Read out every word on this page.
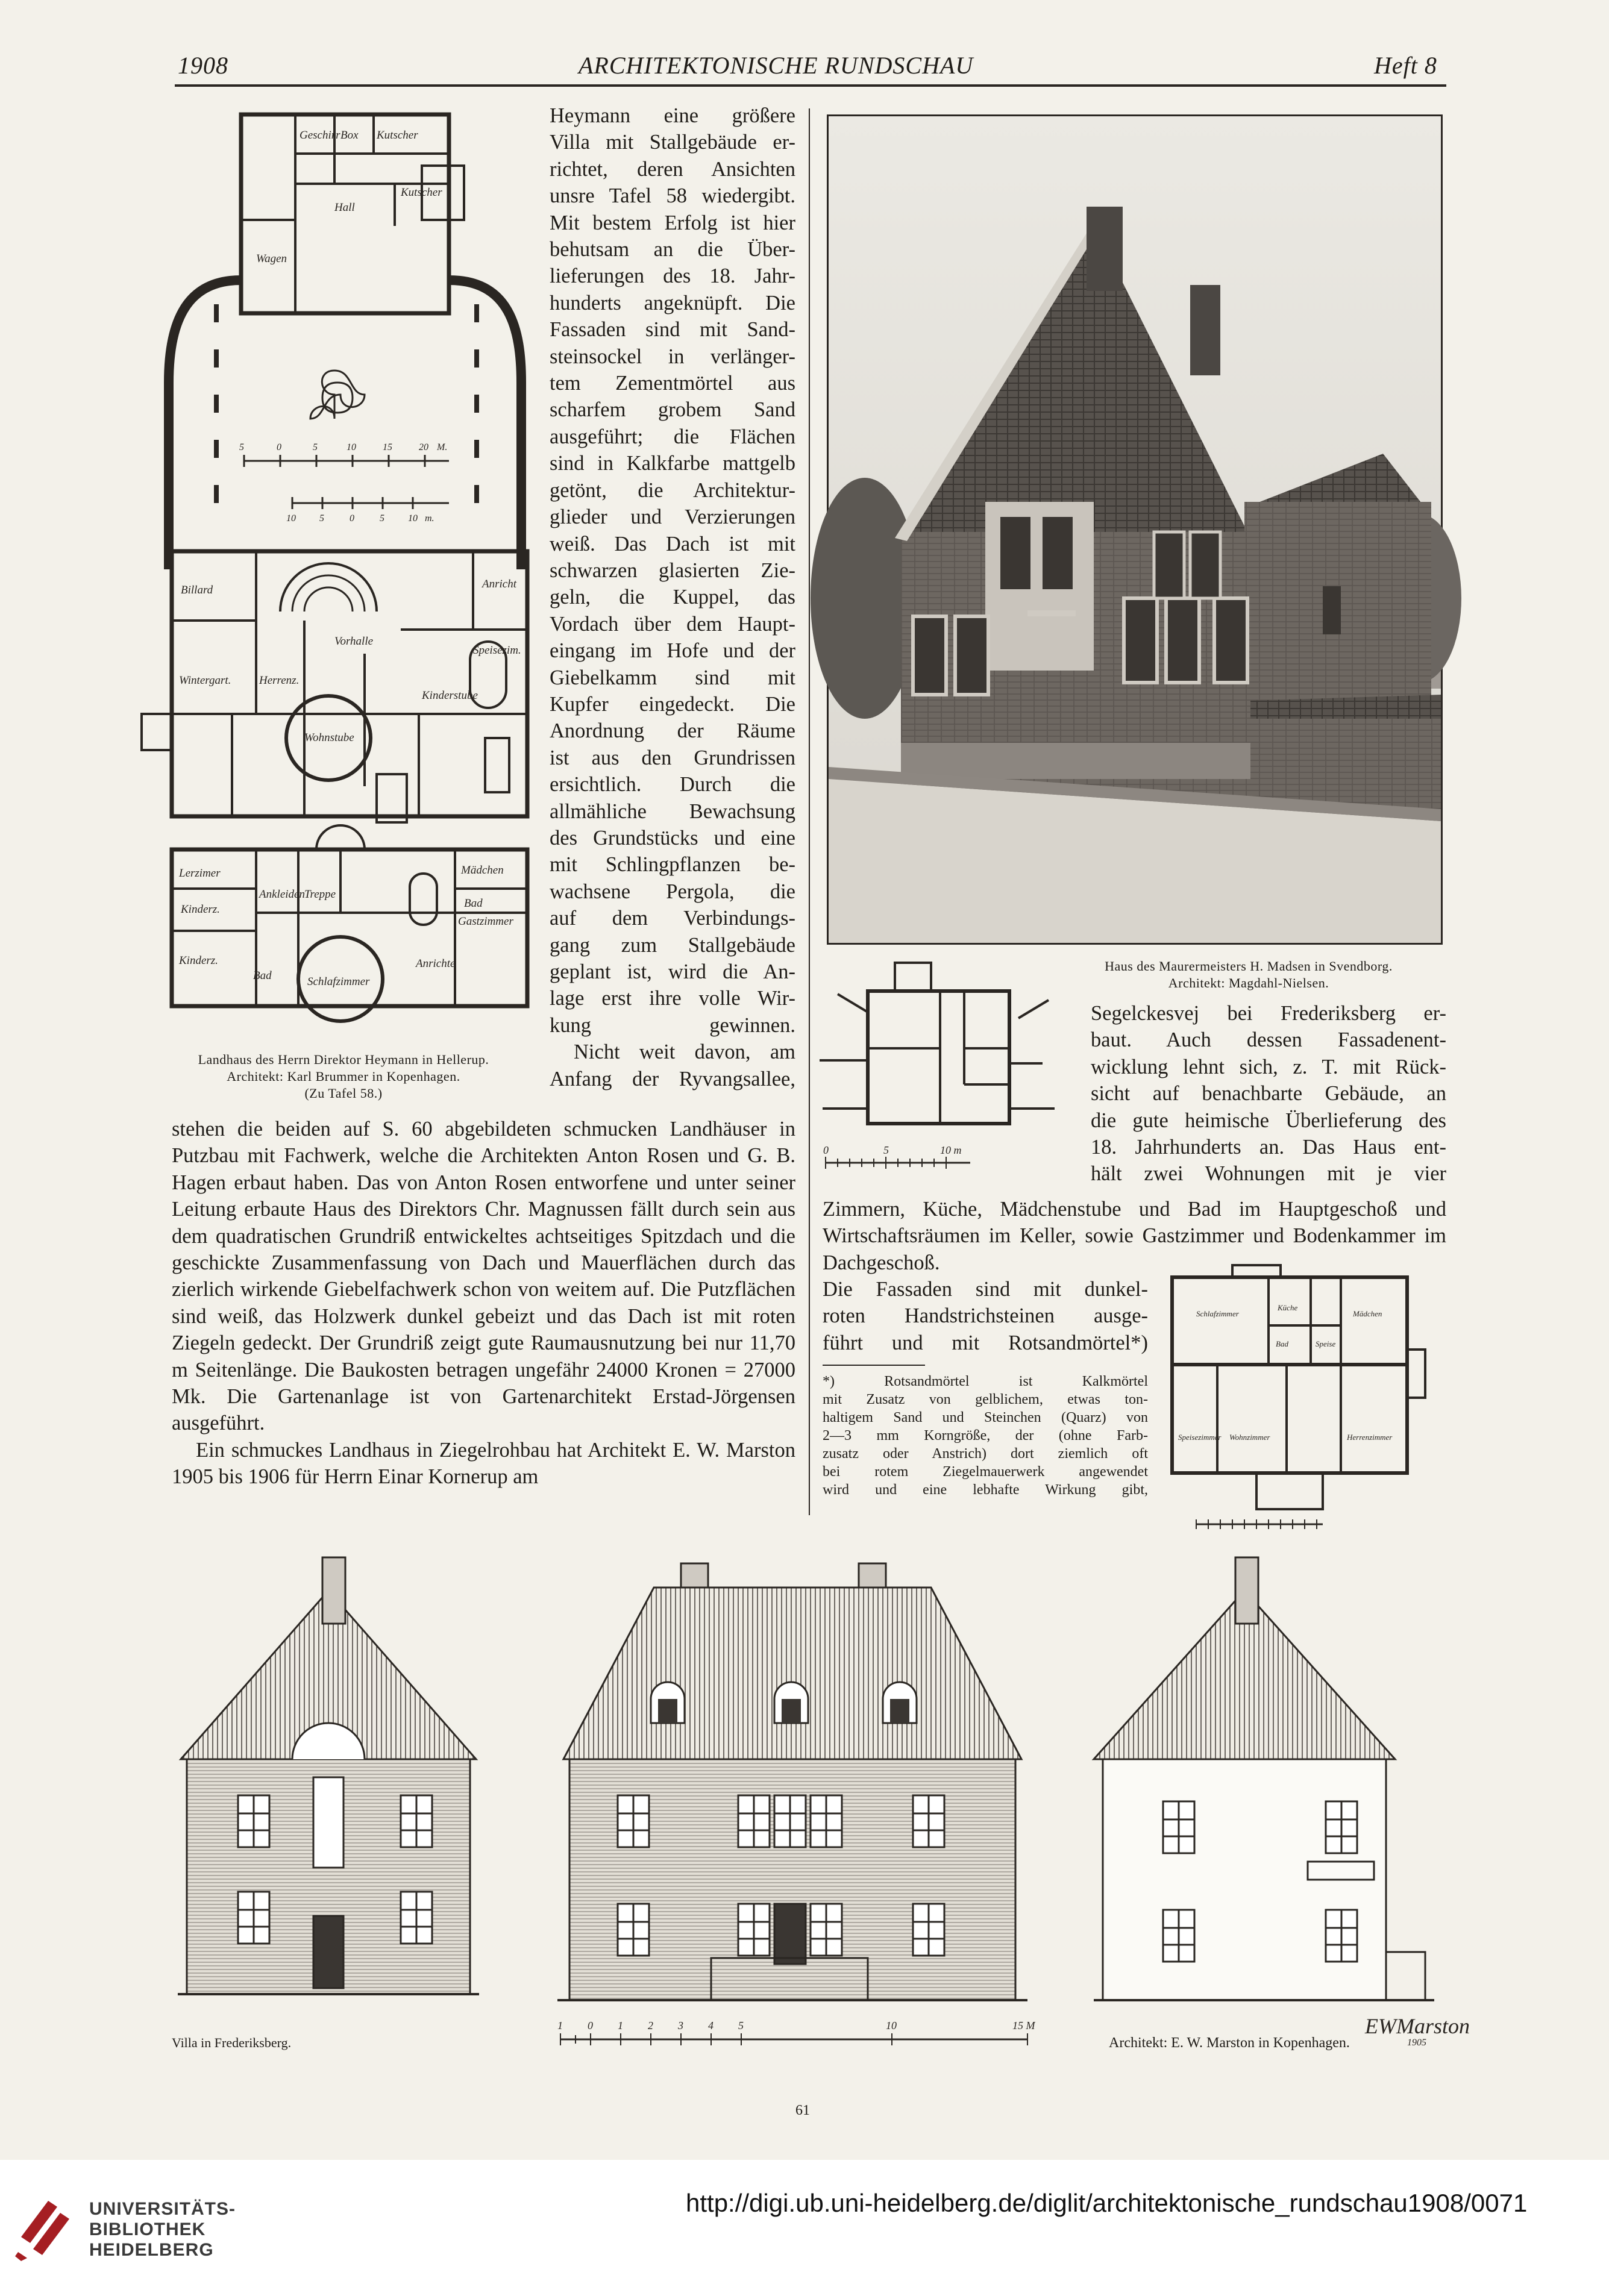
1908	ARCHITEKTONISCHE RUNDSCHAU	Heft 8
5	0	5	10	15	20 M.
10 5	0	5 10 m.
Geschirr Box Kutscher
Hall
Kutscher
Wagen
Billard
Vorhalle
Speisezim.
Wintergart. Herrenz.
Kinderstube
Wohnstube
Anricht
Lerzimer	Mädchen
Kinderz.
Ankleiden Treppe
Bad
Kinderz.
Gastzimmer
Bad	Schlafzimmer
Anrichte
Landhaus des Herrn Direktor Heymann in Hellerup.
Architekt: Karl Brummer in Kopenhagen.
(Zu Tafel 58.)
Heymann eine größere
Villa mit Stallgebäude er-
richtet, deren Ansichten
unsre Tafel 58 wiedergibt.
Mit bestem Erfolg ist hier
behutsam an die Über-
lieferungen des 18. Jahr-
hunderts angeknüpft. Die
Fassaden sind mit Sand-
steinsockel in verlänger-
tem Zementmörtel aus
scharfem grobem Sand
ausgeführt; die Flächen
sind in Kalkfarbe mattgelb
getönt, die Architektur-
glieder und Verzierungen
weiß. Das Dach ist mit
schwarzen glasierten Zie-
geln, die Kuppel, das
Vordach über dem Haupt-
eingang im Hofe und der
Giebelkamm sind mit
Kupfer eingedeckt. Die
Anordnung der Räume
ist aus den Grundrissen
ersichtlich. Durch die
allmähliche Bewachsung
des Grundstücks und eine
mit Schlingpflanzen be-
wachsene Pergola, die
auf dem Verbindungs-
gang zum Stallgebäude
geplant ist, wird die An-
lage erst ihre volle Wir-
kung gewinnen.
Nicht weit davon, am
Anfang der Ryvangsallee,

stehen die beiden auf S. 60 abgebildeten schmucken Landhäuser in Putzbau mit Fachwerk, welche die Architekten Anton Rosen und G. B. Hagen erbaut haben. Das von Anton Rosen entworfene und unter seiner Leitung erbaute Haus des Direktors Chr. Magnussen fällt durch sein aus dem quadratischen Grundriß entwickeltes achtseitiges Spitzdach und die geschickte Zusammenfassung von Dach und Mauerflächen durch das zierlich wirkende Giebelfachwerk schon von weitem auf. Die Putzflächen sind weiß, das Holzwerk dunkel gebeizt und das Dach ist mit roten Ziegeln gedeckt. Der Grundriß zeigt gute Raumausnutzung bei nur 11,70 m Seitenlänge. Die Baukosten betragen ungefähr 24000 Kronen = 27000 Mk. Die Gartenanlage ist von Gartenarchitekt Erstad-Jörgensen ausgeführt.

Ein schmuckes Landhaus in Ziegelrohbau hat Architekt E. W. Marston 1905 bis 1906 für Herrn Einar Kornerup am

Haus des Maurermeisters H. Madsen in Svendborg.
Architekt: Magdahl-Nielsen.
0	5	10 m
Segelckesvej bei Frederiksberg er-
baut. Auch dessen Fassadenent-
wicklung lehnt sich, z. T. mit Rück-
sicht auf benachbarte Gebäude, an
die gute heimische Überlieferung des
18. Jahrhunderts an. Das Haus ent-
hält zwei Wohnungen mit je vier

Zimmern, Küche, Mädchenstube und Bad im Hauptgeschoß und Wirtschaftsräumen im Keller, sowie Gastzimmer und Bodenkammer im Dachgeschoß.

Die Fassaden sind mit dunkel-
roten Handstrichsteinen ausge-
führt und mit Rotsandmörtel*)
*) Rotsandmörtel ist Kalkmörtel
mit Zusatz von gelblichem, etwas ton-
haltigem Sand und Steinchen (Quarz) von
2—3 mm Korngröße, der (ohne Farb-
zusatz oder Anstrich) dort ziemlich oft
bei rotem Ziegelmauerwerk angewendet
wird und eine lebhafte Wirkung gibt,
Schlafzimmer
Küche
Mädchen
Bad	Speise
Speisezimmer Wohnzimmer	Herrenzimmer
1 0 1 2 3 4 5	10	15 M	EWMarston
1905
Villa in Frederiksberg.	Architekt: E. W. Marston in Kopenhagen.
61
UNIVERSITÄTS-
BIBLIOTHEK
HEIDELBERG
http://digi.ub.uni-heidelberg.de/diglit/architektonische_rundschau1908/0071
